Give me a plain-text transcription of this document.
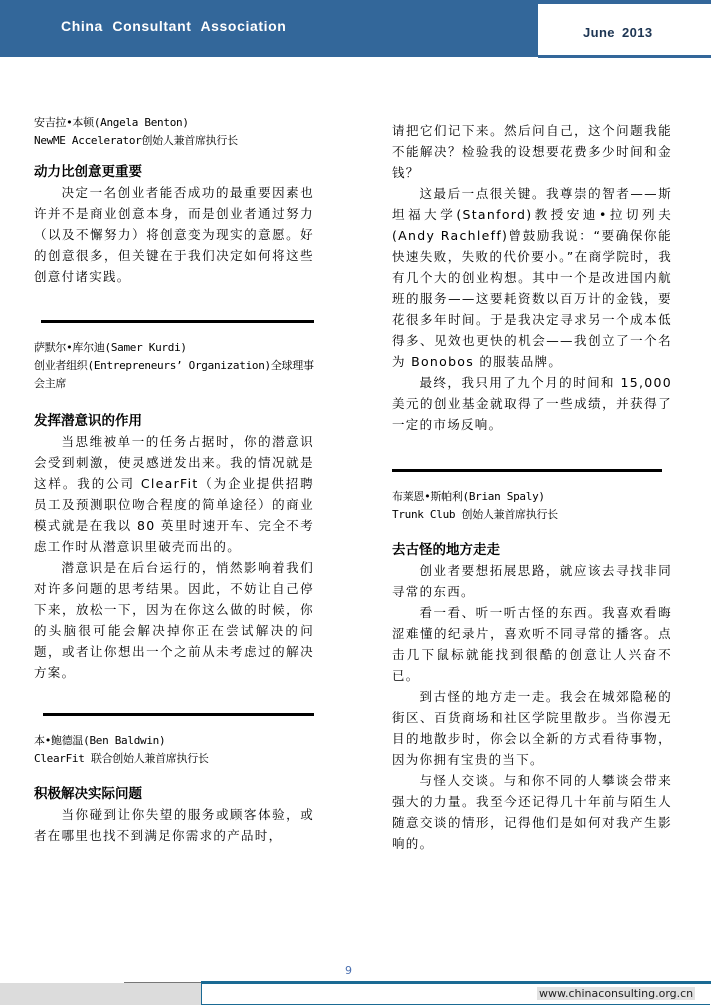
China Consultant Association	June 2013
安吉拉•本顿(Angela Benton)
NewME Accelerator创始人兼首席执行长
动力比创意更重要

决定一名创业者能否成功的最重要因素也许并不是商业创意本身，而是创业者通过努力（以及不懈努力）将创意变为现实的意愿。好的创意很多，但关键在于我们决定如何将这些创意付诸实践。

萨默尔•库尔迪(Samer Kurdi)
创业者组织(Entrepreneurs’ Organization)全球理事会主席
发挥潜意识的作用

当思维被单一的任务占据时，你的潜意识会受到刺激，使灵感迸发出来。我的情况就是这样。我的公司 ClearFit（为企业提供招聘员工及预测职位吻合程度的简单途径）的商业模式就是在我以 80 英里时速开车、完全不考虑工作时从潜意识里破壳而出的。

潜意识是在后台运行的，悄然影响着我们对许多问题的思考结果。因此，不妨让自己停下来，放松一下，因为在你这么做的时候，你的头脑很可能会解决掉你正在尝试解决的问题，或者让你想出一个之前从未考虑过的解决方案。

本•鲍德温(Ben Baldwin)
ClearFit 联合创始人兼首席执行长
积极解决实际问题

当你碰到让你失望的服务或顾客体验，或者在哪里也找不到满足你需求的产品时，

请把它们记下来。然后问自己，这个问题我能不能解决？检验我的设想要花费多少时间和金钱？

这最后一点很关键。我尊崇的智者——斯坦福大学(Stanford)教授安迪•拉切列夫(Andy Rachleff)曾鼓励我说：“要确保你能快速失败，失败的代价要小。”在商学院时，我有几个大的创业构想。其中一个是改进国内航班的服务——这要耗资数以百万计的金钱，要花很多年时间。于是我决定寻求另一个成本低得多、见效也更快的机会——我创立了一个名为 Bonobos 的服装品牌。

最终，我只用了九个月的时间和 15,000 美元的创业基金就取得了一些成绩，并获得了一定的市场反响。

布莱恩•斯帕利(Brian Spaly)
Trunk Club 创始人兼首席执行长
去古怪的地方走走

创业者要想拓展思路，就应该去寻找非同寻常的东西。

看一看、听一听古怪的东西。我喜欢看晦涩难懂的纪录片，喜欢听不同寻常的播客。点击几下鼠标就能找到很酷的创意让人兴奋不已。

到古怪的地方走一走。我会在城郊隐秘的街区、百货商场和社区学院里散步。当你漫无目的地散步时，你会以全新的方式看待事物，因为你拥有宝贵的当下。

与怪人交谈。与和你不同的人攀谈会带来强大的力量。我至今还记得几十年前与陌生人随意交谈的情形，记得他们是如何对我产生影响的。

9
www.chinaconsulting.org.cn
